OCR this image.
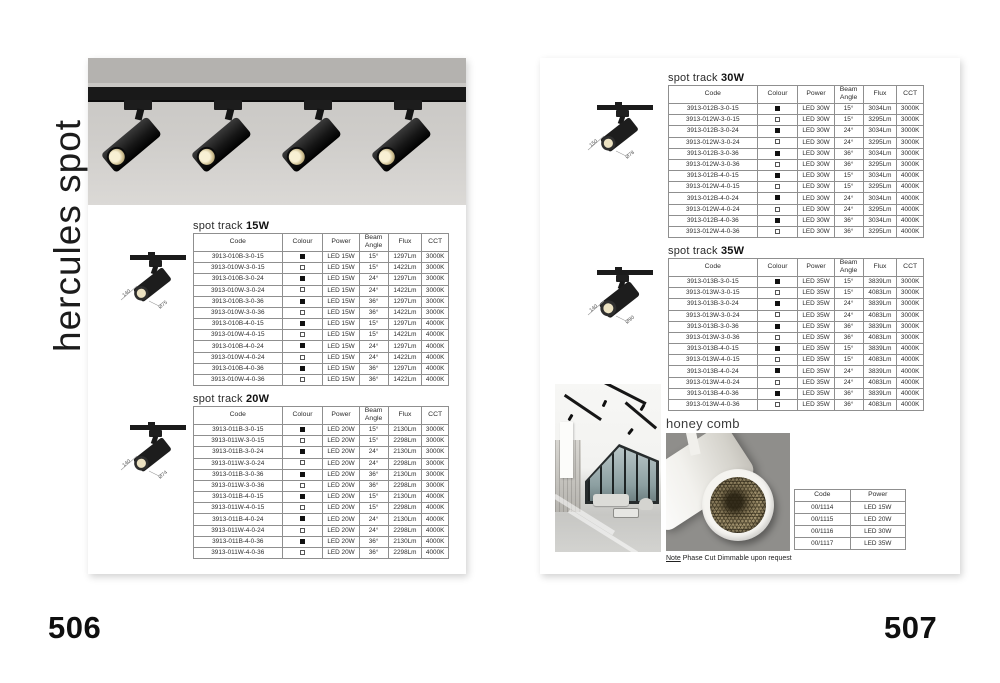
hercules spot	spot track 15W
140
Ø75
Code	Colour	Power	Beam Angle	Flux	CCT
3913-010B-3-0-15		LED 15W	15°	1297Lm	3000K
3913-010W-3-0-15		LED 15W	15°	1422Lm	3000K
3913-010B-3-0-24		LED 15W	24°	1297Lm	3000K
3913-010W-3-0-24		LED 15W	24°	1422Lm	3000K
3913-010B-3-0-36		LED 15W	36°	1297Lm	3000K
3913-010W-3-0-36		LED 15W	36°	1422Lm	3000K
3913-010B-4-0-15		LED 15W	15°	1297Lm	4000K
3913-010W-4-0-15		LED 15W	15°	1422Lm	4000K
3913-010B-4-0-24		LED 15W	24°	1297Lm	4000K
3913-010W-4-0-24		LED 15W	24°	1422Lm	4000K
3913-010B-4-0-36		LED 15W	36°	1297Lm	4000K
3913-010W-4-0-36		LED 15W	36°	1422Lm	4000K
spot track 20W
140
Ø74
Code	Colour	Power	Beam Angle	Flux	CCT
3913-011B-3-0-15		LED 20W	15°	2130Lm	3000K
3913-011W-3-0-15		LED 20W	15°	2298Lm	3000K
3913-011B-3-0-24		LED 20W	24°	2130Lm	3000K
3913-011W-3-0-24		LED 20W	24°	2298Lm	3000K
3913-011B-3-0-36		LED 20W	36°	2130Lm	3000K
3913-011W-3-0-36		LED 20W	36°	2298Lm	3000K
3913-011B-4-0-15		LED 20W	15°	2130Lm	4000K
3913-011W-4-0-15		LED 20W	15°	2298Lm	4000K
3913-011B-4-0-24		LED 20W	24°	2130Lm	4000K
3913-011W-4-0-24		LED 20W	24°	2298Lm	4000K
3913-011B-4-0-36		LED 20W	36°	2130Lm	4000K
3913-011W-4-0-36		LED 20W	36°	2298Lm	4000K
506
spot track 30W
150
Ø78
Code	Colour	Power	Beam Angle	Flux	CCT
3913-012B-3-0-15		LED 30W	15°	3034Lm	3000K
3913-012W-3-0-15		LED 30W	15°	3295Lm	3000K
3913-012B-3-0-24		LED 30W	24°	3034Lm	3000K
3913-012W-3-0-24		LED 30W	24°	3295Lm	3000K
3913-012B-3-0-36		LED 30W	36°	3034Lm	3000K
3913-012W-3-0-36		LED 30W	36°	3295Lm	3000K
3913-012B-4-0-15		LED 30W	15°	3034Lm	4000K
3913-012W-4-0-15		LED 30W	15°	3295Lm	4000K
3913-012B-4-0-24		LED 30W	24°	3034Lm	4000K
3913-012W-4-0-24		LED 30W	24°	3295Lm	4000K
3913-012B-4-0-36		LED 30W	36°	3034Lm	4000K
3913-012W-4-0-36		LED 30W	36°	3295Lm	4000K
spot track 35W
140
Ø90
Code	Colour	Power	Beam Angle	Flux	CCT
3913-013B-3-0-15		LED 35W	15°	3839Lm	3000K
3913-013W-3-0-15		LED 35W	15°	4083Lm	3000K
3913-013B-3-0-24		LED 35W	24°	3839Lm	3000K
3913-013W-3-0-24		LED 35W	24°	4083Lm	3000K
3913-013B-3-0-36		LED 35W	36°	3839Lm	3000K
3913-013W-3-0-36		LED 35W	36°	4083Lm	3000K
3913-013B-4-0-15		LED 35W	15°	3839Lm	4000K
3913-013W-4-0-15		LED 35W	15°	4083Lm	4000K
3913-013B-4-0-24		LED 35W	24°	3839Lm	4000K
3913-013W-4-0-24		LED 35W	24°	4083Lm	4000K
3913-013B-4-0-36		LED 35W	36°	3839Lm	4000K
3913-013W-4-0-36		LED 35W	36°	4083Lm	4000K
honey comb
Code	Power
00/1114	LED 15W
00/1115	LED 20W
00/1116	LED 30W
00/1117	LED 35W
Note Phase Cut Dimmable upon request
507
